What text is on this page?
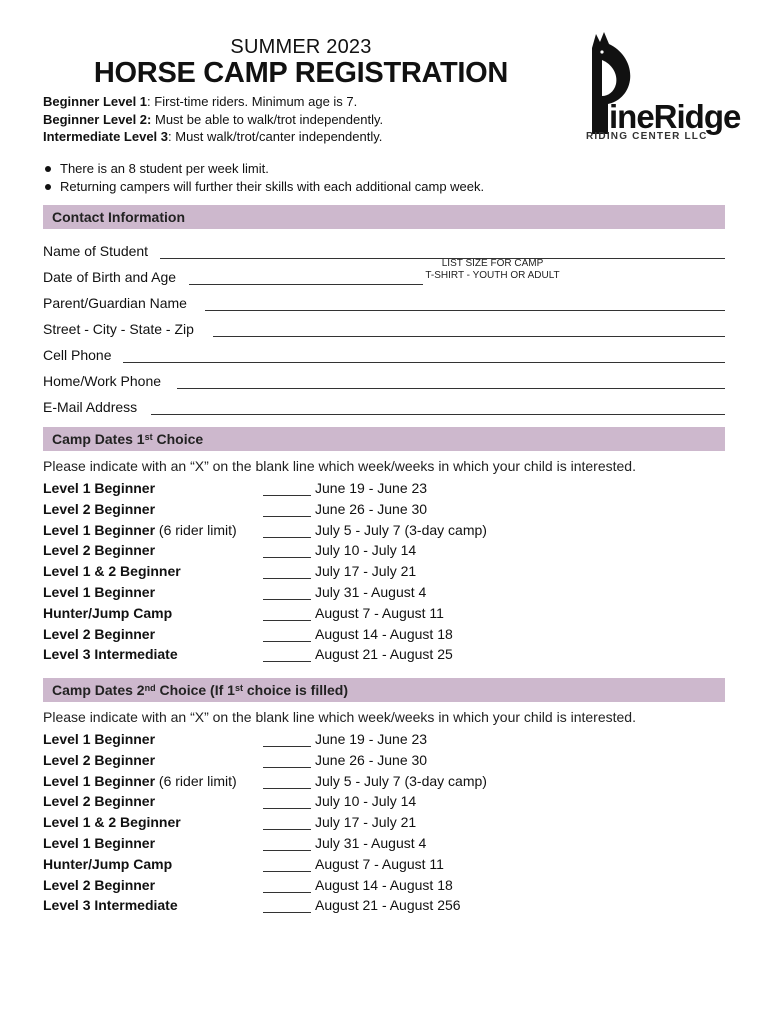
SUMMER 2023
HORSE CAMP REGISTRATION
ineRidge
RIDING CENTER LLC
Beginner Level 1: First-time riders. Minimum age is 7.
Beginner Level 2: Must be able to walk/trot independently.
Intermediate Level 3: Must walk/trot/canter independently.
There is an 8 student per week limit.
Returning campers will further their skills with each additional camp week.
Contact Information
Name of Student
Date of Birth and Age
LIST SIZE FOR CAMP
T-SHIRT - YOUTH OR ADULT
Parent/Guardian Name
Street - City - State - Zip
Cell Phone
Home/Work Phone
E-Mail Address
Camp Dates 1st Choice
Please indicate with an “X” on the blank line which week/weeks in which your child is interested.
Level 1 Beginner	June 19 - June 23
Level 2 Beginner	June 26 - June 30
Level 1 Beginner (6 rider limit)	July 5 - July 7 (3-day camp)
Level 2 Beginner	July 10 - July 14
Level 1 & 2 Beginner	July 17 - July 21
Level 1 Beginner	July 31 - August 4
Hunter/Jump Camp	August 7 - August 11
Level 2 Beginner	August 14 - August 18
Level 3 Intermediate	August 21 - August 25
Camp Dates 2nd Choice (If 1st choice is filled)
Please indicate with an “X” on the blank line which week/weeks in which your child is interested.
Level 1 Beginner	June 19 - June 23
Level 2 Beginner	June 26 - June 30
Level 1 Beginner (6 rider limit)	July 5 - July 7 (3-day camp)
Level 2 Beginner	July 10 - July 14
Level 1 & 2 Beginner	July 17 - July 21
Level 1 Beginner	July 31 - August 4
Hunter/Jump Camp	August 7 - August 11
Level 2 Beginner	August 14 - August 18
Level 3 Intermediate	August 21 - August 256
